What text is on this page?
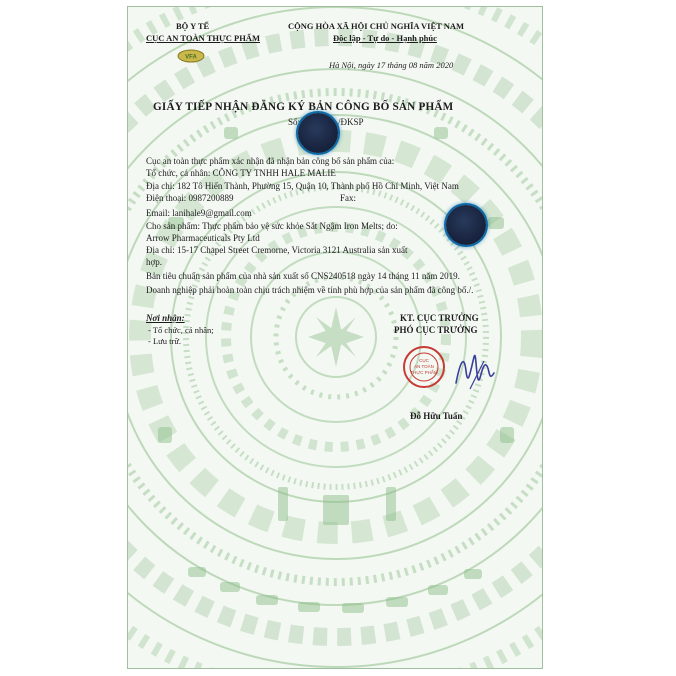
BỘ Y TẾ

CỤC AN TOÀN THỰC PHẨM

VFA

CỘNG HÒA XÃ HỘI CHỦ NGHĨA VIỆT NAM

Độc lập - Tự do - Hạnh phúc

Hà Nội, ngày 17 tháng 08 năm 2020

GIẤY TIẾP NHẬN ĐĂNG KÝ BẢN CÔNG BỐ SẢN PHẨM

Số:	/ĐKSP

Cục an toàn thực phẩm xác nhận đã nhận bản công bố sản phẩm của:

Tổ chức, cá nhân: CÔNG TY TNHH HALE MALIE

Địa chỉ: 182 Tô Hiến Thành, Phường 15, Quận 10, Thành phố Hồ Chí Minh, Việt Nam

Điện thoại: 0987200889	Fax:

Email: lanihale9@gmail.com

Cho sản phẩm: Thực phẩm bảo vệ sức khỏe Sắt Ngậm Iron Melts; do:

Arrow Pharmaceuticals Pty Ltd

Địa chỉ: 15-17 Chapel Street Cremorne, Victoria 3121 Australia sản xuất

hợp.

Bản tiêu chuẩn sản phẩm của nhà sản xuất số CNS240518 ngày 14 tháng 11 năm 2019.

Doanh nghiệp phải hoàn toàn chịu trách nhiệm về tính phù hợp của sản phẩm đã công bố./.

Nơi nhận:

- Tổ chức, cá nhân;

- Lưu trữ.

KT. CỤC TRƯỞNG

PHÓ CỤC TRƯỞNG

CỤC
AN TOÀN
THỰC PHẨM

Đỗ Hữu Tuấn
